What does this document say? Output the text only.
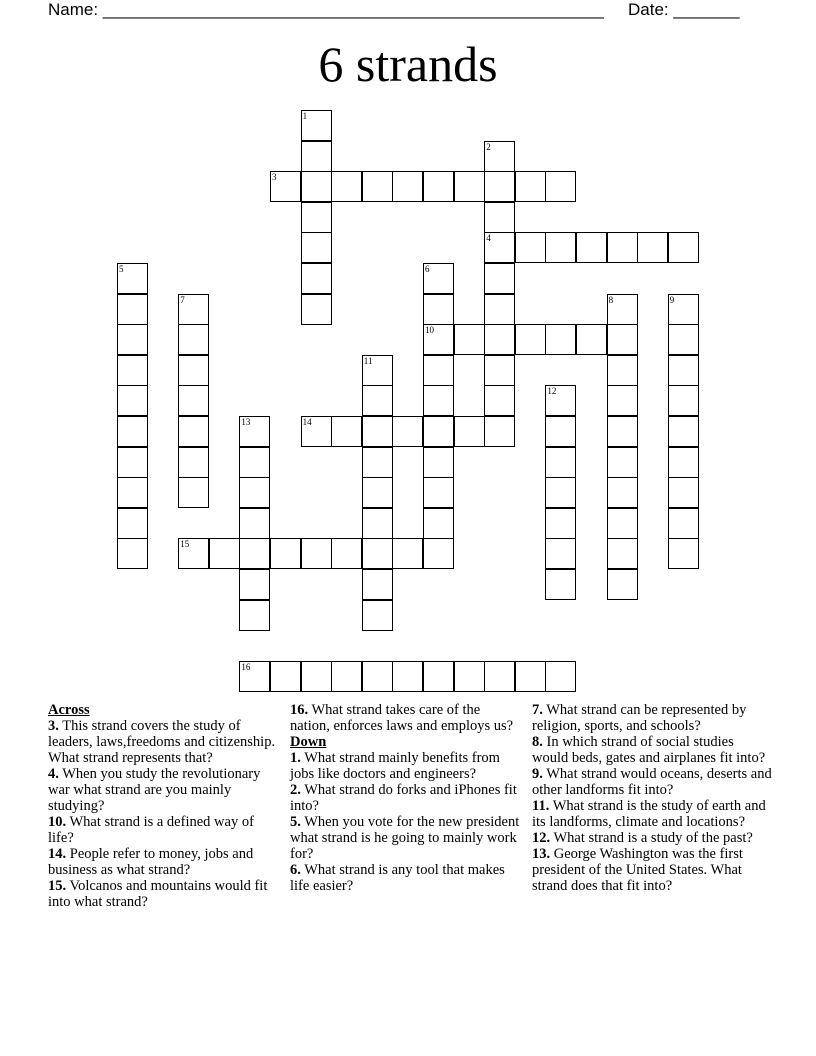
Name: _____________________________________________________ Date: _______
6 strands
1
2
3
4
5	6
7	8	9
10
11
12
13	14
15
16
Across
3. This strand covers the study of leaders, laws,freedoms and citizenship. What strand represents that?
4. When you study the revolutionary war what strand are you mainly studying?
10. What strand is a defined way of life?
14. People refer to money, jobs and business as what strand?
15. Volcanos and mountains would fit into what strand?
16. What strand takes care of the nation, enforces laws and employs us?
Down
1. What strand mainly benefits from jobs like doctors and engineers?
2. What strand do forks and iPhones fit into?
5. When you vote for the new president what strand is he going to mainly work for?
6. What strand is any tool that makes life easier?
7. What strand can be represented by religion, sports, and schools?
8. In which strand of social studies would beds, gates and airplanes fit into?
9. What strand would oceans, deserts and other landforms fit into?
11. What strand is the study of earth and its landforms, climate and locations?
12. What strand is a study of the past?
13. George Washington was the first president of the United States. What strand does that fit into?
